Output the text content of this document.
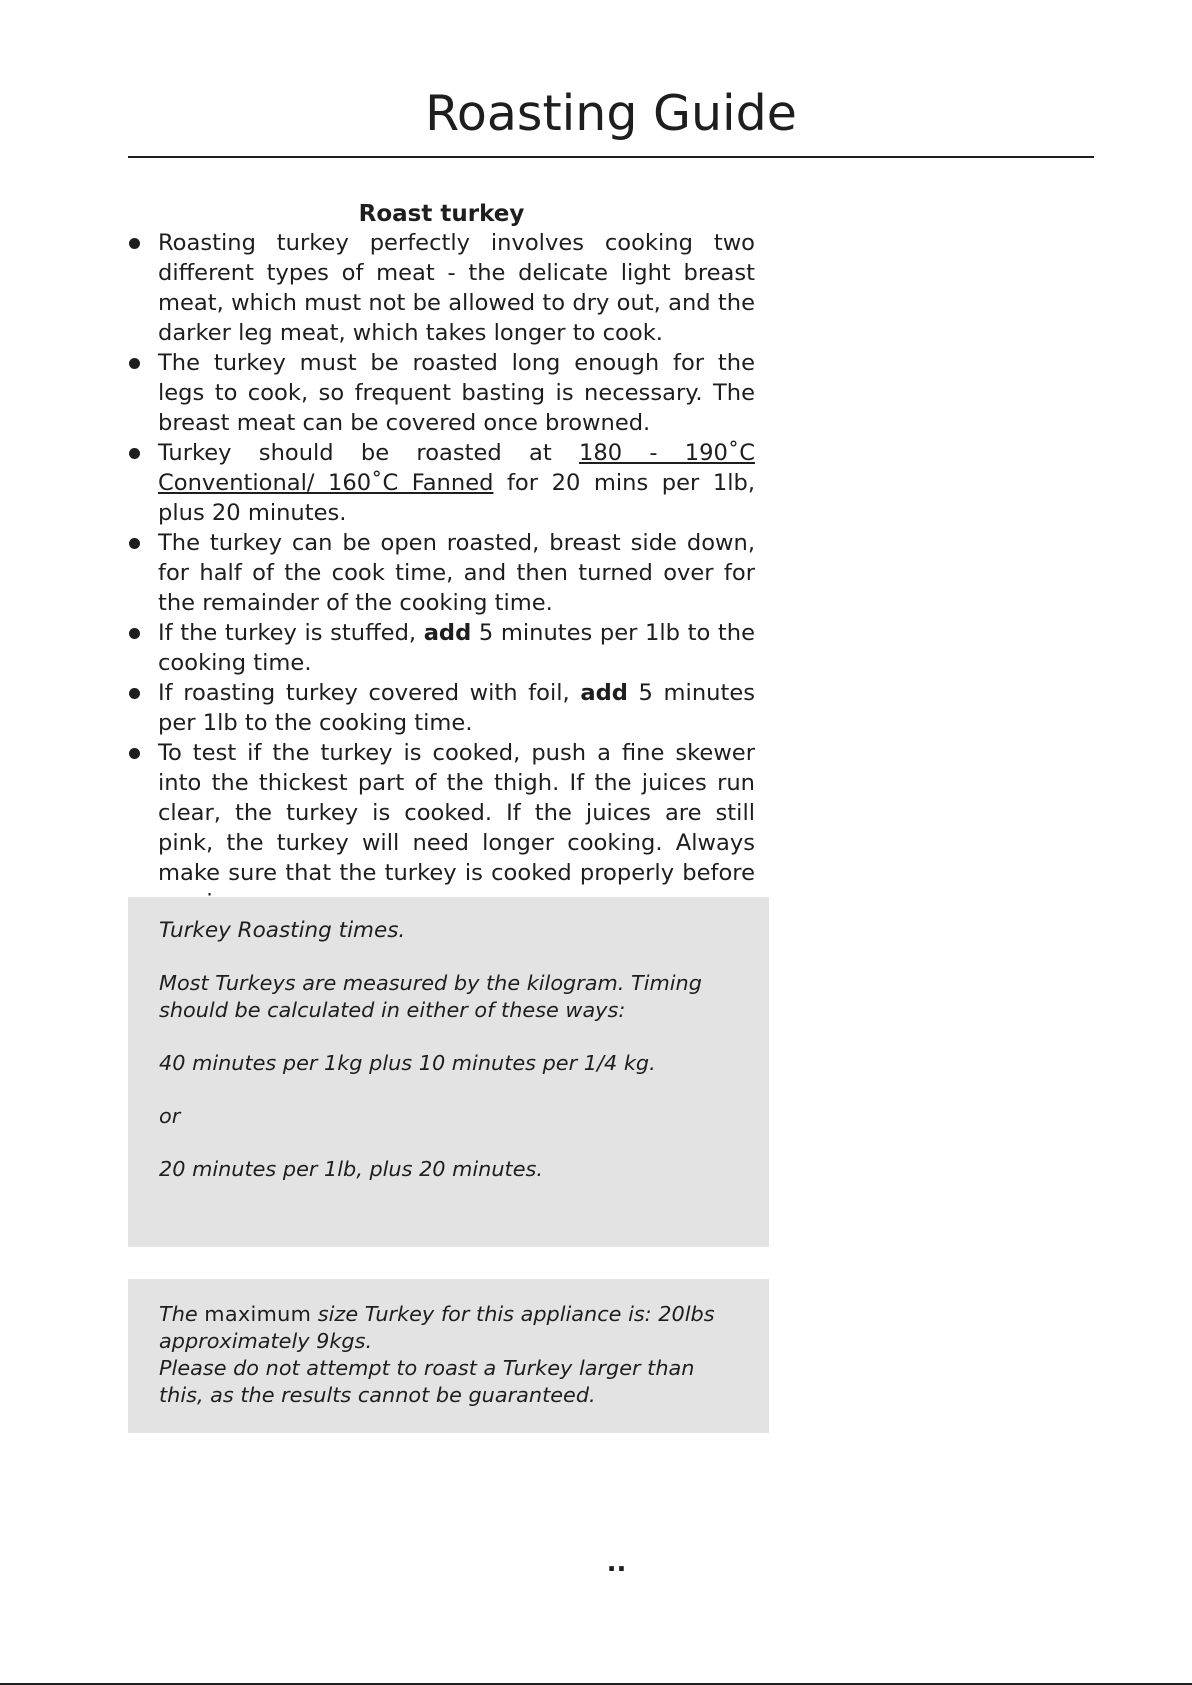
Roasting Guide
Roast turkey
Roasting turkey perfectly involves cooking two different types of meat - the delicate light breast meat, which must not be allowed to dry out, and the darker leg meat, which takes longer to cook.
The turkey must be roasted long enough for the legs to cook, so frequent basting is necessary. The breast meat can be covered once browned.
Turkey should be roasted at 180 - 190˚C Conventional/ 160˚C Fanned for 20 mins per 1lb, plus 20 minutes.
The turkey can be open roasted, breast side down, for half of the cook time, and then turned over for the remainder of the cooking time.
If the turkey is stuffed, add 5 minutes per 1lb to the cooking time.
If roasting turkey covered with foil, add 5 minutes per 1lb to the cooking time.
To test if the turkey is cooked, push a fine skewer into the thickest part of the thigh. If the juices run clear, the turkey is cooked. If the juices are still pink, the turkey will need longer cooking. Always make sure that the turkey is cooked properly before

Turkey Roasting times.

Most Turkeys are measured by the kilogram. Timing should be calculated in either of these ways:

40 minutes per 1kg plus 10 minutes per 1/4 kg.

or

20 minutes per 1lb, plus 20 minutes.

The maximum size Turkey for this appliance is: 20lbs approximately 9kgs.

Please do not attempt to roast a Turkey larger than this, as the results cannot be guaranteed.

..
